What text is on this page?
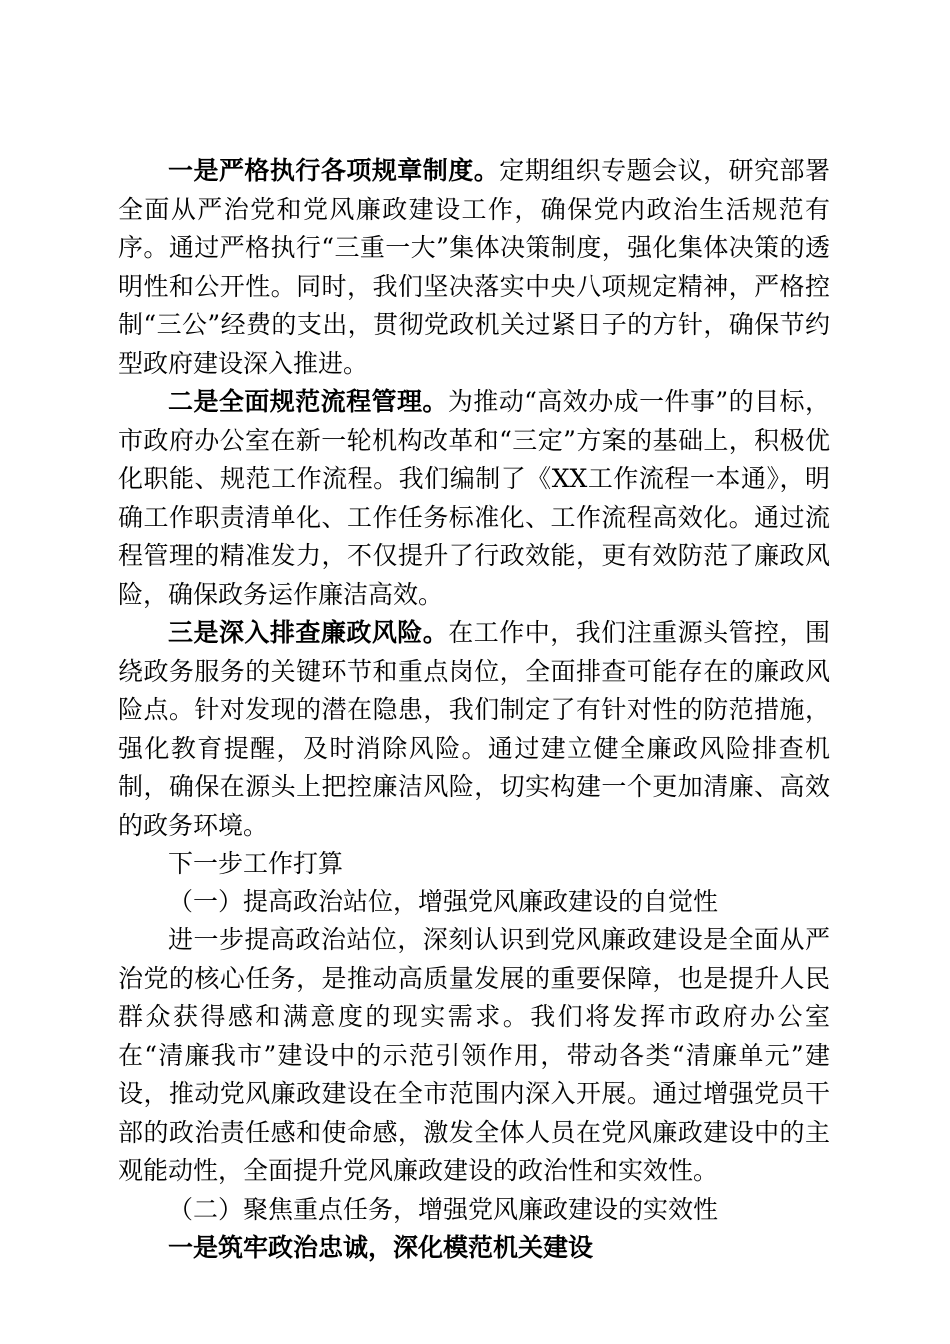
一是严格执行各项规章制度。定期组织专题会议，研究部署全面从严治党和党风廉政建设工作，确保党内政治生活规范有序。通过严格执行“三重一大”集体决策制度，强化集体决策的透明性和公开性。同时，我们坚决落实中央八项规定精神，严格控制“三公”经费的支出，贯彻党政机关过紧日子的方针，确保节约型政府建设深入推进。

二是全面规范流程管理。为推动“高效办成一件事”的目标，市政府办公室在新一轮机构改革和“三定”方案的基础上，积极优化职能、规范工作流程。我们编制了《XX工作流程一本通》，明确工作职责清单化、工作任务标准化、工作流程高效化。通过流程管理的精准发力，不仅提升了行政效能，更有效防范了廉政风险，确保政务运作廉洁高效。

三是深入排查廉政风险。在工作中，我们注重源头管控，围绕政务服务的关键环节和重点岗位，全面排查可能存在的廉政风险点。针对发现的潜在隐患，我们制定了有针对性的防范措施，强化教育提醒，及时消除风险。通过建立健全廉政风险排查机制，确保在源头上把控廉洁风险，切实构建一个更加清廉、高效的政务环境。

下一步工作打算

（一）提高政治站位，增强党风廉政建设的自觉性

进一步提高政治站位，深刻认识到党风廉政建设是全面从严治党的核心任务，是推动高质量发展的重要保障，也是提升人民群众获得感和满意度的现实需求。我们将发挥市政府办公室在“清廉我市”建设中的示范引领作用，带动各类“清廉单元”建设，推动党风廉政建设在全市范围内深入开展。通过增强党员干部的政治责任感和使命感，激发全体人员在党风廉政建设中的主观能动性，全面提升党风廉政建设的政治性和实效性。

（二）聚焦重点任务，增强党风廉政建设的实效性

一是筑牢政治忠诚，深化模范机关建设
